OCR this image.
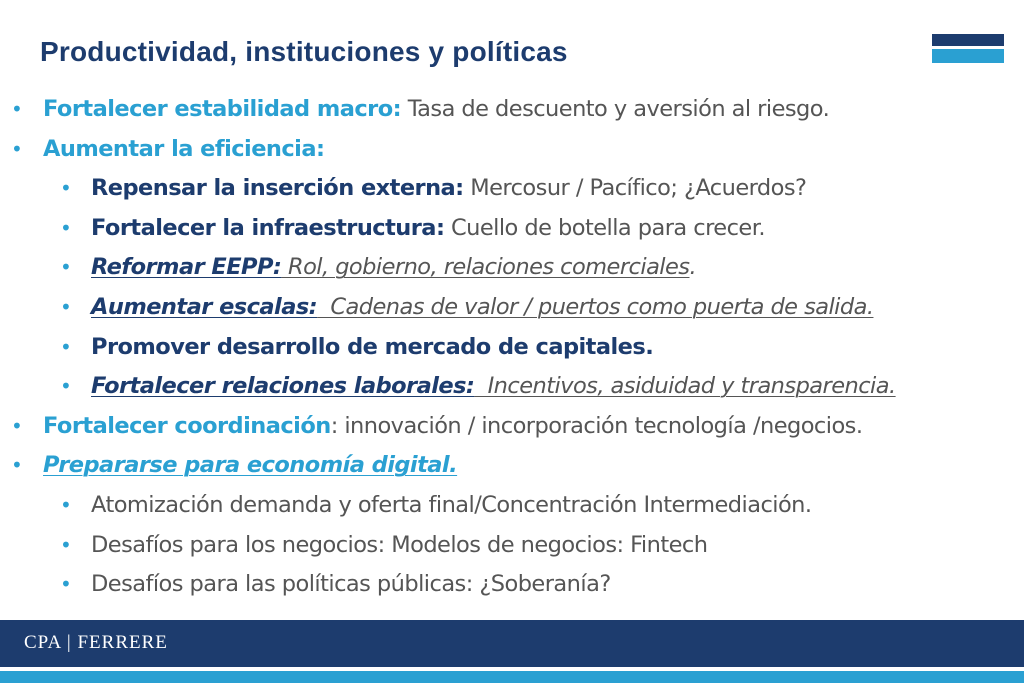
Productividad, instituciones y políticas
• Fortalecer estabilidad macro: Tasa de descuento y aversión al riesgo.
• Aumentar la eficiencia:
• Repensar la inserción externa: Mercosur / Pacífico; ¿Acuerdos?
• Fortalecer la infraestructura: Cuello de botella para crecer.
• Reformar EEPP: Rol, gobierno, relaciones comerciales.
• Aumentar escalas:  Cadenas de valor / puertos como puerta de salida.
• Promover desarrollo de mercado de capitales.
• Fortalecer relaciones laborales:  Incentivos, asiduidad y transparencia.
• Fortalecer coordinación: innovación / incorporación tecnología /negocios.
• Prepararse para economía digital.
• Atomización demanda y oferta final/Concentración Intermediación.
• Desafíos para los negocios: Modelos de negocios: Fintech
• Desafíos para las políticas públicas: ¿Soberanía?
CPA | FERRERE
